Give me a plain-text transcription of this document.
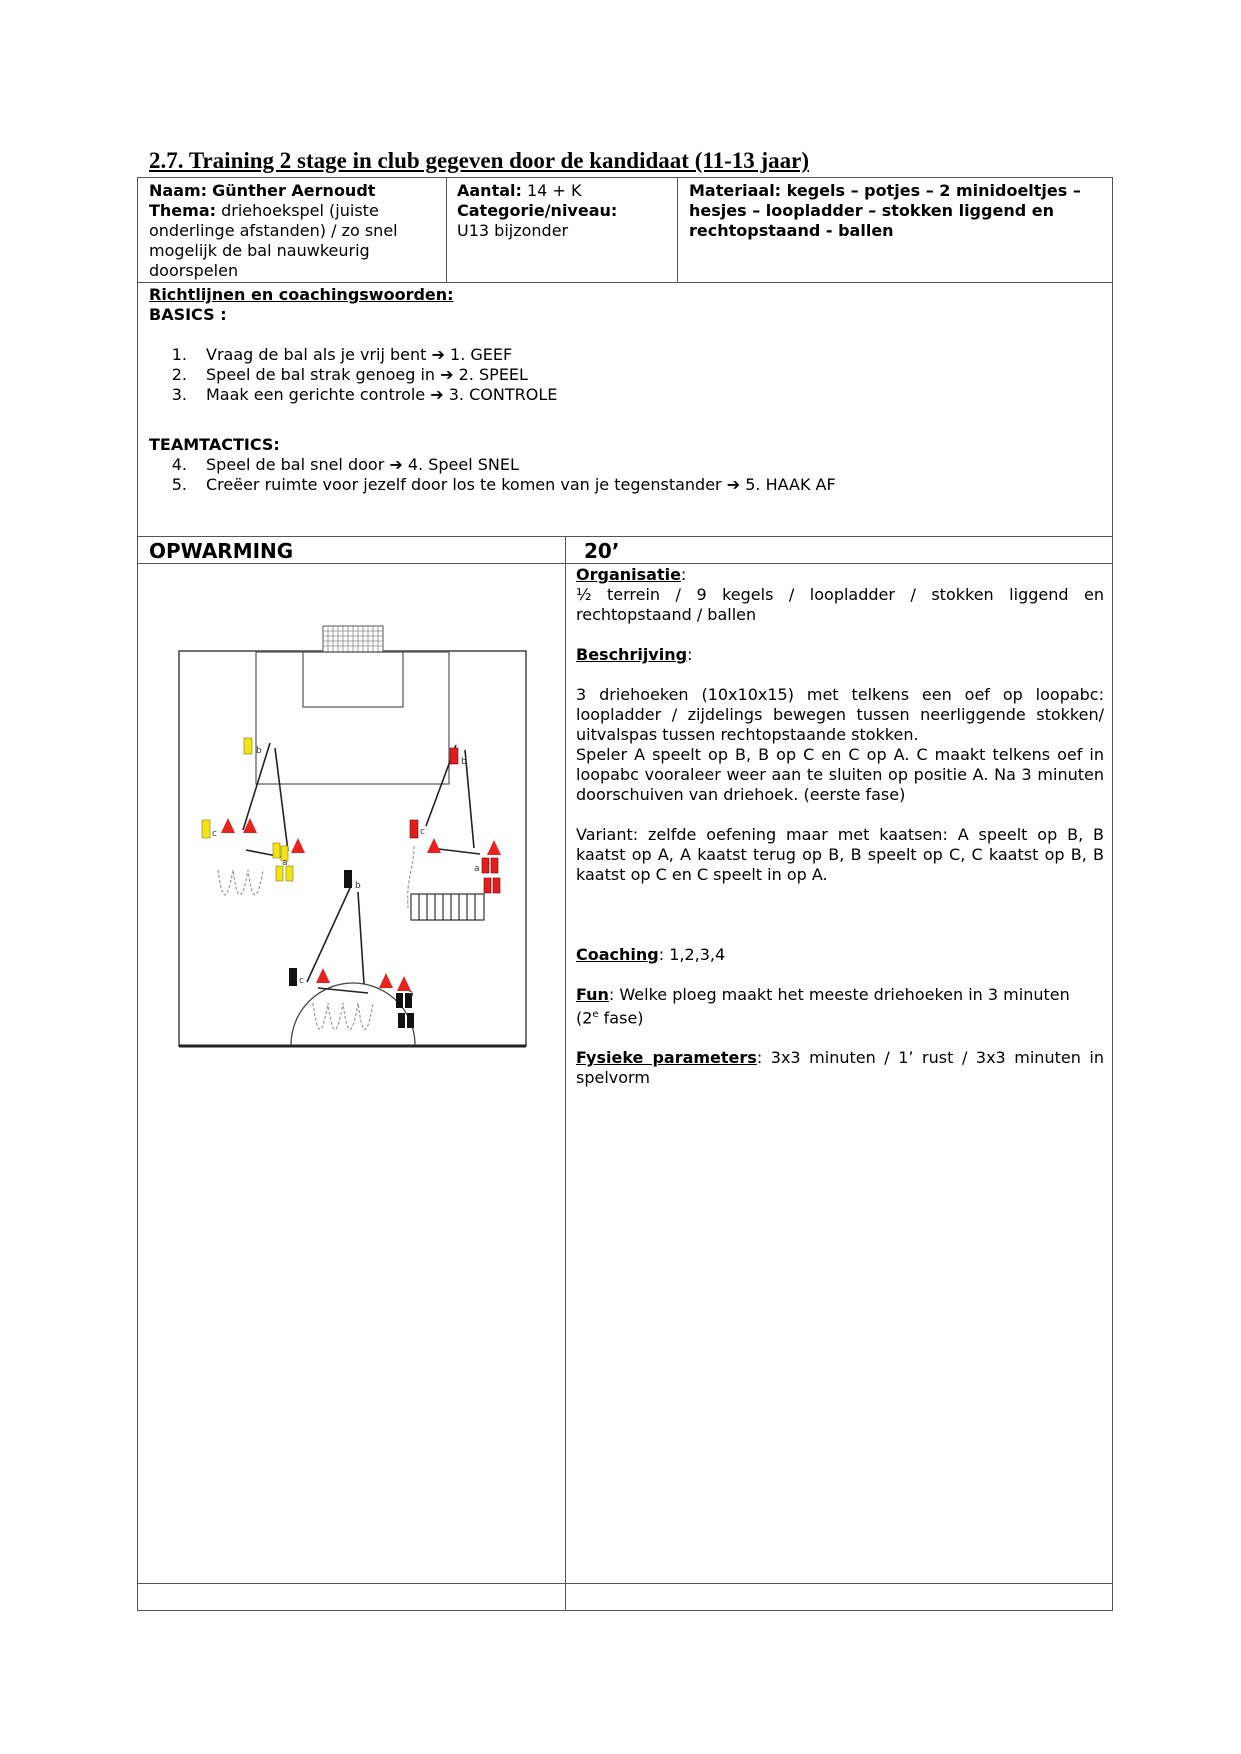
2.7. Training 2 stage in club gegeven door de kandidaat (11-13 jaar)
Naam: Günther Aernoudt
Thema: driehoekspel (juiste onderlinge afstanden) / zo snel mogelijk de bal nauwkeurig doorspelen
Aantal: 14 + K
Categorie/niveau:
U13 bijzonder
Materiaal: kegels – potjes – 2 minidoeltjes – hesjes – loopladder – stokken liggend en rechtopstaand - ballen
Richtlijnen en coachingswoorden:
BASICS :
1.	Vraag de bal als je vrij bent
➔
1. GEEF
2.	Speel de bal strak genoeg in
➔
2. SPEEL
3.	Maak een gerichte controle
➔
3. CONTROLE
TEAMTACTICS:
4.	Speel de bal snel door
➔
4. Speel SNEL
5.	Creëer ruimte voor jezelf door los te komen van je tegenstander
➔
5. HAAK AF
OPWARMING	20’
b
c
a
b
c
a
b
c
a
Organisatie:
½ terrein / 9 kegels / loopladder / stokken liggend en rechtopstaand / ballen
Beschrijving:
3 driehoeken (10x10x15) met telkens een oef op loopabc: loopladder / zijdelings bewegen tussen neerliggende stokken/ uitvalspas tussen rechtopstaande stokken.
Speler A speelt op B, B op C en C op A. C maakt telkens oef in loopabc vooraleer weer aan te sluiten op positie A. Na 3 minuten doorschuiven van driehoek. (eerste fase)
Variant: zelfde oefening maar met kaatsen: A speelt op B, B kaatst op A, A kaatst terug op B, B speelt op C, C kaatst op B, B kaatst op C en C speelt in op A.
Coaching: 1,2,3,4
Fun: Welke ploeg maakt het meeste driehoeken in 3 minuten
(2e fase)
Fysieke parameters: 3x3 minuten / 1’ rust / 3x3 minuten in spelvorm
